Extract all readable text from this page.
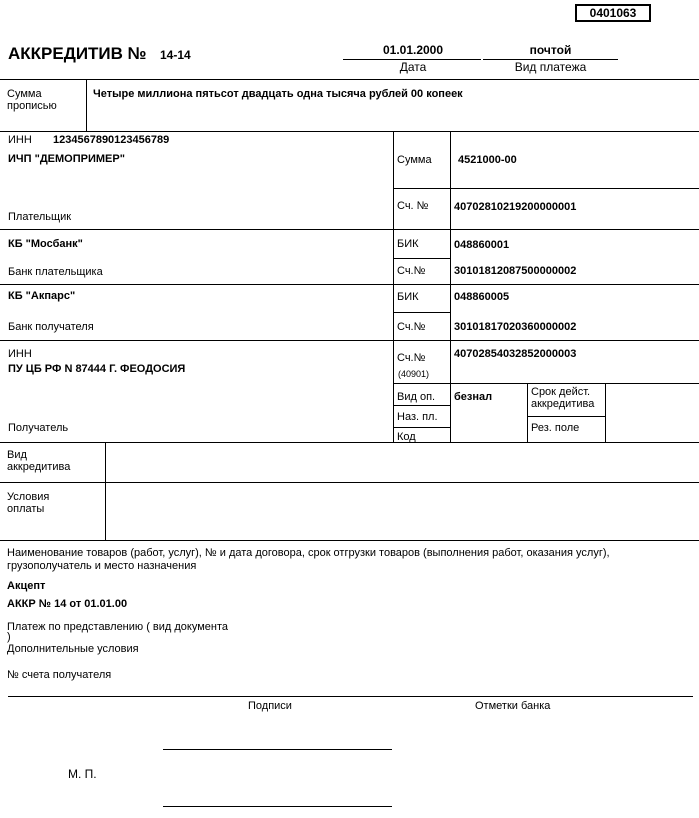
0401063
АККРЕДИТИВ № 14-14	01.01.2000
Дата
почтой
Вид платежа
Сумма
прописью
Четыре миллиона пятьсот двадцать одна тысяча рублей 00 копеек
ИНН 1234567890123456789
ИЧП "ДЕМОПРИМЕР"
Плательщик
Сумма 4521000-00
Сч. № 40702810219200000001
КБ "Мосбанк"
Банк плательщика
БИК	048860001
Сч.№	30101812087500000002
КБ "Акпарс"
Банк получателя
БИК	048860005
Сч.№	30101817020360000002
ИНН
ПУ ЦБ РФ N 87444 Г. ФЕОДОСИЯ
Получатель
Сч.№
(40901)
40702854032852000003
Вид оп. безнал
Наз. пл.
Код
Срок дейст.
аккредитива
Рез. поле
Вид
аккредитива
Условия
оплаты
Наименование товаров (работ, услуг), № и дата договора, срок отгрузки товаров (выполнения работ, оказания услуг), грузополучатель и место назначения
Акцепт
АККР № 14 от 01.01.00
Платеж по представлению ( вид документа
)
Дополнительные условия
№ счета получателя
Подписи	Отметки банка
М. П.
